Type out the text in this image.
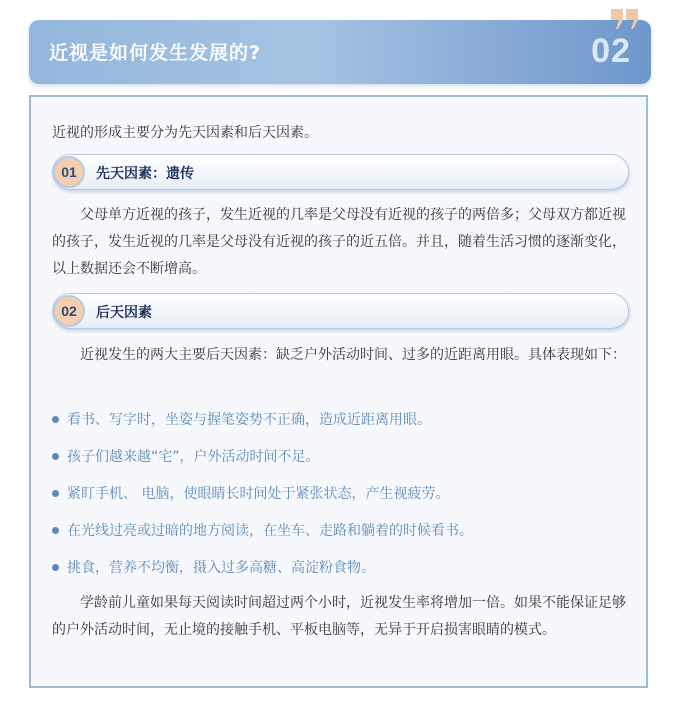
近视是如何发生发展的?	02
近视的形成主要分为先天因素和后天因素。
01	先天因素：遗传

父母单方近视的孩子，发生近视的几率是父母没有近视的孩子的两倍多；父母双方都近视的孩子，发生近视的几率是父母没有近视的孩子的近五倍。并且，随着生活习惯的逐渐变化，以上数据还会不断增高。

02	后天因素

近视发生的两大主要后天因素：缺乏户外活动时间、过多的近距离用眼。具体表现如下：

看书、写字时，坐姿与握笔姿势不正确，造成近距离用眼。
孩子们越来越“宅”，户外活动时间不足。
紧盯手机、 电脑，使眼睛长时间处于紧张状态，产生视疲劳。
在光线过亮或过暗的地方阅读，在坐车、走路和躺着的时候看书。
挑食，营养不均衡，摄入过多高糖、高淀粉食物。

学龄前儿童如果每天阅读时间超过两个小时，近视发生率将增加一倍。如果不能保证足够的户外活动时间，无止境的接触手机、平板电脑等，无异于开启损害眼睛的模式。
